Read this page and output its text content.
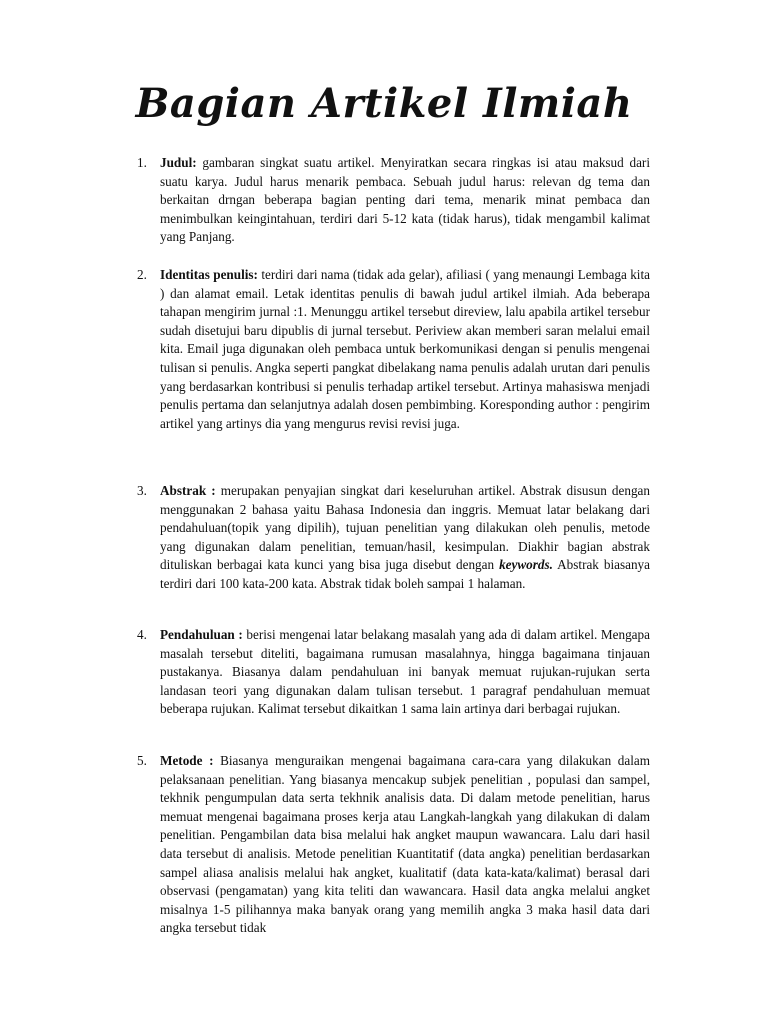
Bagian Artikel Ilmiah
1. Judul: gambaran singkat suatu artikel. Menyiratkan secara ringkas isi atau maksud dari suatu karya. Judul harus menarik pembaca. Sebuah judul harus: relevan dg tema dan berkaitan drngan beberapa bagian penting dari tema, menarik minat pembaca dan menimbulkan keingintahuan, terdiri dari 5-12 kata (tidak harus), tidak mengambil kalimat yang Panjang.
2. Identitas penulis: terdiri dari nama (tidak ada gelar), afiliasi ( yang menaungi Lembaga kita ) dan alamat email. Letak identitas penulis di bawah judul artikel ilmiah. Ada beberapa tahapan mengirim jurnal :1. Menunggu artikel tersebut direview, lalu apabila artikel tersebur sudah disetujui baru dipublis di jurnal tersebut. Periview akan memberi saran melalui email kita. Email juga digunakan oleh pembaca untuk berkomunikasi dengan si penulis mengenai tulisan si penulis. Angka seperti pangkat dibelakang nama penulis adalah urutan dari penulis yang berdasarkan kontribusi si penulis terhadap artikel tersebut. Artinya mahasiswa menjadi penulis pertama dan selanjutnya adalah dosen pembimbing. Koresponding author : pengirim artikel yang artinys dia yang mengurus revisi revisi juga.
3. Abstrak : merupakan penyajian singkat dari keseluruhan artikel. Abstrak disusun dengan menggunakan 2 bahasa yaitu Bahasa Indonesia dan inggris. Memuat latar belakang dari pendahuluan(topik yang dipilih), tujuan penelitian yang dilakukan oleh penulis, metode yang digunakan dalam penelitian, temuan/hasil, kesimpulan. Diakhir bagian abstrak dituliskan berbagai kata kunci yang bisa juga disebut dengan keywords. Abstrak biasanya terdiri dari 100 kata-200 kata. Abstrak tidak boleh sampai 1 halaman.
4. Pendahuluan : berisi mengenai latar belakang masalah yang ada di dalam artikel. Mengapa masalah tersebut diteliti, bagaimana rumusan masalahnya, hingga bagaimana tinjauan pustakanya. Biasanya dalam pendahuluan ini banyak memuat rujukan-rujukan serta landasan teori yang digunakan dalam tulisan tersebut. 1 paragraf pendahuluan memuat beberapa rujukan. Kalimat tersebut dikaitkan 1 sama lain artinya dari berbagai rujukan.
5. Metode : Biasanya menguraikan mengenai bagaimana cara-cara yang dilakukan dalam pelaksanaan penelitian. Yang biasanya mencakup subjek penelitian , populasi dan sampel, tekhnik pengumpulan data serta tekhnik analisis data. Di dalam metode penelitian, harus memuat mengenai bagaimana proses kerja atau Langkah-langkah yang dilakukan di dalam penelitian. Pengambilan data bisa melalui hak angket maupun wawancara. Lalu dari hasil data tersebut di analisis. Metode penelitian Kuantitatif (data angka) penelitian berdasarkan sampel aliasa analisis melalui hak angket, kualitatif (data kata-kata/kalimat) berasal dari observasi (pengamatan) yang kita teliti dan wawancara. Hasil data angka melalui angket misalnya 1-5 pilihannya maka banyak orang yang memilih angka 3 maka hasil data dari angka tersebut tidak
